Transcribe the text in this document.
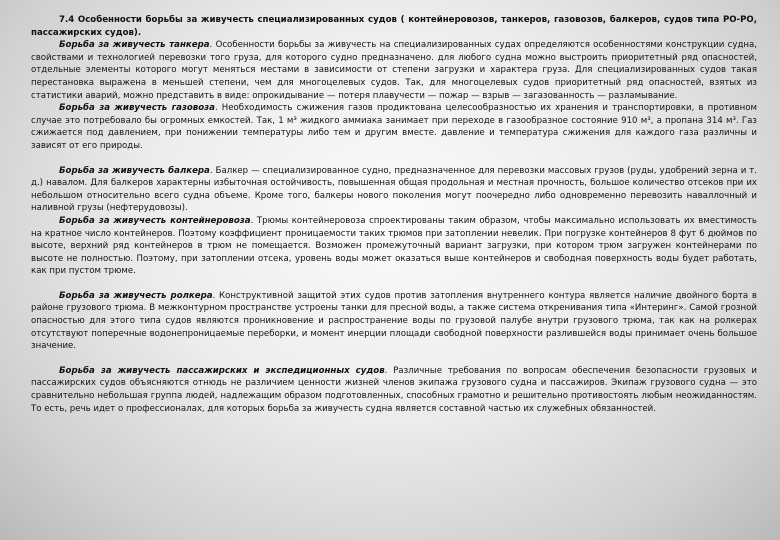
7.4 Особенности борьбы за живучесть специализированных судов ( контейнеровозов, танкеров, газовозов, балкеров, судов типа РО-РО, пассажирских судов).

Борьба за живучесть танкера. Особенности борьбы за живучесть на специализированных судах определяются особенностями конструкции судна, свойствами и технологией перевозки того груза, для которого судно предназначено. для любого судна можно выстроить приоритетный ряд опасностей, отдельные элементы которого могут меняться местами в зависимости от степени загрузки и характера груза. Для специализированных судов такая перестановка выражена в меньшей степени, чем для многоцелевых судов. Так, для многоцелевых судов приоритетный ряд опасностей, взятых из статистики аварий, можно представить в виде: опрокидывание — потеря плавучести — пожар — взрыв — загазованность — разламывание.

Борьба за живучесть газовоза. Необходимость сжижения газов продиктована целесообразностью их хранения и транспортировки, в противном случае это потребовало бы огромных емкостей. Так, 1 м³ жидкого аммиака занимает при переходе в газообразное состояние 910 м³, а пропана 314 м³. Газ сжижается под давлением, при понижении температуры либо тем и другим вместе. давление и температура сжижения для каждого газа различны и зависят от его природы.

Борьба за живучесть балкера. Балкер — специализированное судно, предназначенное для перевозки массовых грузов (руды, удобрений зерна и т. д.) навалом. Для балкеров характерны избыточная остойчивость, повышенная общая продольная и местная прочность, большое количество отсеков при их небольшом относительно всего судна объеме. Кроме того, балкеры нового поколения могут поочередно либо одновременно перевозить наваллочный и наливной грузы (нефтерудовозы).

Борьба за живучесть контейнеровоза. Трюмы контейнеровоза спроектированы таким образом, чтобы максимально использовать их вместимость на кратное число контейнеров. Поэтому коэффициент проницаемости таких трюмов при затоплении невелик. При погрузке контейнеров 8 фут 6 дюймов по высоте, верхний ряд контейнеров в трюм не помещается. Возможен промежуточный вариант загрузки, при котором трюм загружен контейнерами по высоте не полностью. Поэтому, при затоплении отсека, уровень воды может оказаться выше контейнеров и свободная поверхность воды будет работать, как при пустом трюме.

Борьба за живучесть ролкера. Конструктивной защитой этих судов против затопления внутреннего контура является наличие двойного борта в районе грузового трюма. В межконтурном пространстве устроены танки для пресной воды, а также система откренивания типа «Интеринг». Самой грозной опасностью для этого типа судов являются проникновение и распространение воды по грузовой палубе внутри грузового трюма, так как на ролкерах отсутствуют поперечные водонепроницаемые переборки, и момент инерции площади свободной поверхности разлившейся воды принимает очень большое значение.

Борьба за живучесть пассажирских и экспедиционных судов. Различные требования по вопросам обеспечения безопасности грузовых и пассажирских судов объясняются отнюдь не различием ценности жизней членов экипажа грузового судна и пассажиров. Экипаж грузового судна — это сравнительно небольшая группа людей, надлежащим образом подготовленных, способных грамотно и решительно противостоять любым неожиданностям. То есть, речь идет о профессионалах, для которых борьба за живучесть судна является составной частью их служебных обязанностей.
